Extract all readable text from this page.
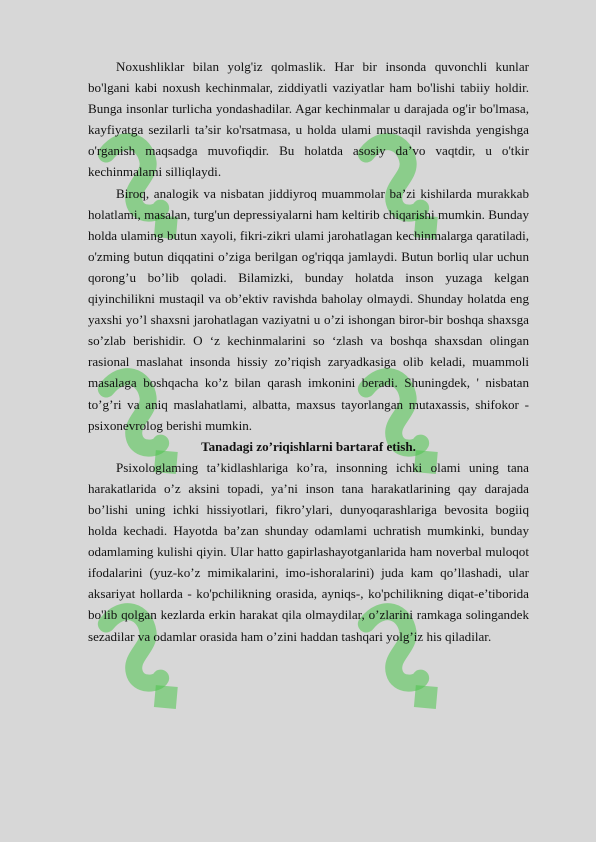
Noxushliklar bilan yolg'iz qolmaslik. Har bir insonda quvonchli kunlar bo'lgani kabi noxush kechinmalar, ziddiyatli vaziyatlar ham bo'lishi tabiiy holdir. Bunga insonlar turlicha yondashadilar. Agar kechinmalar u darajada og'ir bo'lmasa, kayfiyatga sezilarli ta’sir ko'rsatmasa, u holda ulami mustaqil ravishda yengishga o'rganish maqsadga muvofiqdir. Bu holatda asosiy da’vo vaqtdir, u o'tkir kechinmalami silliqlaydi.

Biroq, analogik va nisbatan jiddiyroq muammolar ba’zi kishilarda murakkab holatlami, masalan, turg'un depressiyalarni ham keltirib chiqarishi mumkin. Bunday holda ulaming butun xayoli, fikri-zikri ulami jarohatlagan kechinmalarga qaratiladi, o'zming butun diqqatini o’ziga berilgan og'riqqa jamlaydi. Butun borliq ular uchun qorong’u bo’lib qoladi. Bilamizki, bunday holatda inson yuzaga kelgan qiyinchilikni mustaqil va ob’ektiv ravishda baholay olmaydi. Shunday holatda eng yaxshi yo’l shaxsni jarohatlagan vaziyatni u o’zi ishongan biror-bir boshqa shaxsga so’zlab berishidir. O ‘z kechinmalarini so ‘zlash va boshqa shaxsdan olingan rasional maslahat insonda hissiy zo’riqish zaryadkasiga olib keladi, muammoli masalaga boshqacha ko’z bilan qarash imkonini beradi. Shuningdek, ' nisbatan to’g’ri va aniq maslahatlami, albatta, maxsus tayorlangan mutaxassis, shifokor - psixonevrolog berishi mumkin.

Tanadagi zo’riqishlarni bartaraf etish.

Psixologlaming ta’kidlashlariga ko’ra, insonning ichki olami uning tana harakatlarida o’z aksini topadi, ya’ni inson tana harakatlarining qay darajada bo’lishi uning ichki hissiyotlari, fikro’ylari, dunyoqarashlariga bevosita bogiiq holda kechadi. Hayotda ba’zan shunday odamlami uchratish mumkinki, bunday odamlaming kulishi qiyin. Ular hatto gapirlashayotganlarida ham noverbal muloqot ifodalarini (yuz-ko’z mimikalarini, imo-ishoralarini) juda kam qo’llashadi, ular aksariyat hollarda - ko'pchilikning orasida, ayniqs-, ko'pchilikning diqat-e’tiborida bo'lib qolgan kezlarda erkin harakat qila olmaydilar, o’zlarini ramkaga solingandek sezadilar va odamlar orasida ham o’zini haddan tashqari yolg’iz his qiladilar.
